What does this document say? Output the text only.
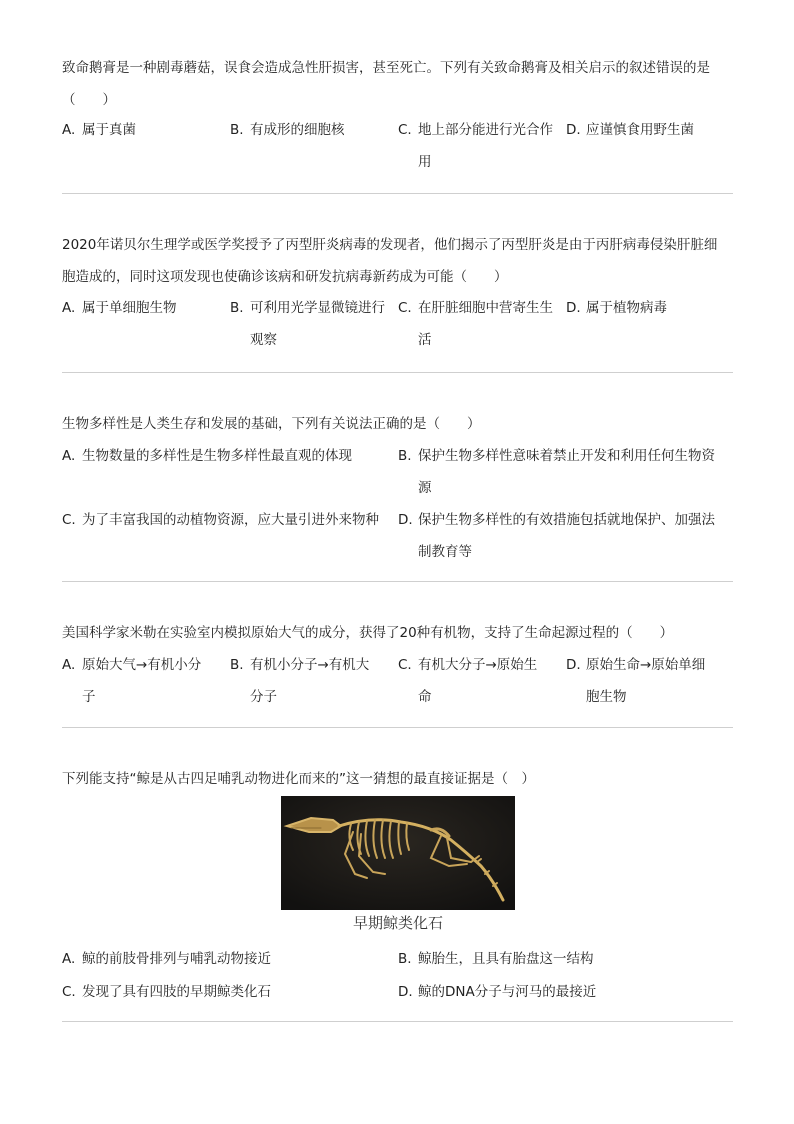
致命鹅膏是一种剧毒蘑菇，误食会造成急性肝损害，甚至死亡。下列有关致命鹅膏及相关启示的叙述错误的是

（　　）

A. 属于真菌	B. 有成形的细胞核	C. 地上部分能进行光合作用
D. 应谨慎食用野生菌

2020年诺贝尔生理学或医学奖授予了丙型肝炎病毒的发现者，他们揭示了丙型肝炎是由于丙肝病毒侵染肝脏细

胞造成的，同时这项发现也使确诊该病和研发抗病毒新药成为可能（　　）

A. 属于单细胞生物	B. 可利用光学显微镜进行观察
C. 在肝脏细胞中营寄生生活
D. 属于植物病毒

生物多样性是人类生存和发展的基础，下列有关说法正确的是（　　）

A. 生物数量的多样性是生物多样性最直观的体现	B. 保护生物多样性意味着禁止开发和利用任何生物资源
C. 为了丰富我国的动植物资源，应大量引进外来物种	D. 保护生物多样性的有效措施包括就地保护、加强法制教育等

美国科学家米勒在实验室内模拟原始大气的成分，获得了20种有机物，支持了生命起源过程的（　　）

A. 原始大气→有机小分子
B. 有机小分子→有机大分子
C. 有机大分子→原始生命
D. 原始生命→原始单细胞生物

下列能支持“鲸是从古四足哺乳动物进化而来的”这一猜想的最直接证据是（　）

早期鲸类化石
A. 鲸的前肢骨排列与哺乳动物接近	B. 鲸胎生，且具有胎盘这一结构
C. 发现了具有四肢的早期鲸类化石	D. 鲸的DNA分子与河马的最接近
